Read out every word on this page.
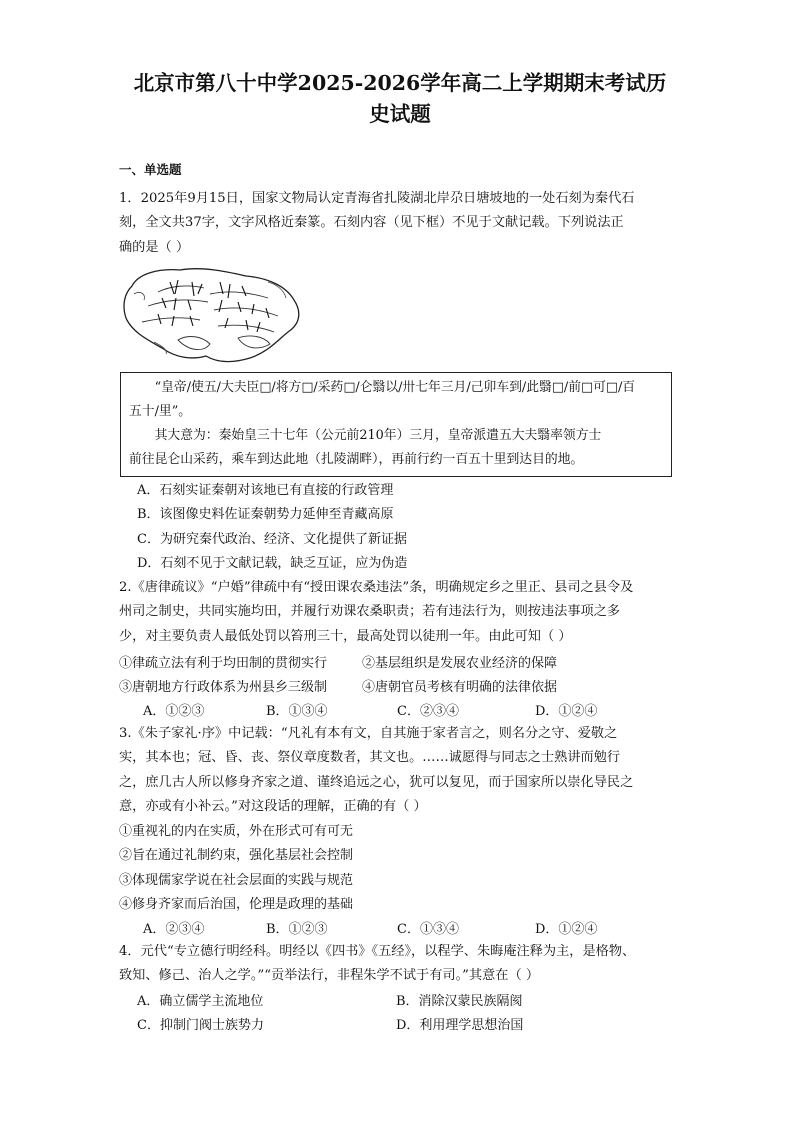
北京市第八十中学2025-2026学年高二上学期期末考试历
史试题
一、单选题
1．2025年9月15日，国家文物局认定青海省扎陵湖北岸尕日塘坡地的一处石刻为秦代石
刻，全文共37字，文字风格近秦篆。石刻内容（见下框）不见于文献记载。下列说法正
确的是（ ）
“皇帝/使五/大夫臣□/将方□/采药□/仑翳以/卅七年三月/己卯车到/此翳□/前□可□/百
五十/里”。
其大意为：秦始皇三十七年（公元前210年）三月，皇帝派遣五大夫翳率领方士
前往昆仑山采药，乘车到达此地（扎陵湖畔），再前行约一百五十里到达目的地。
A．石刻实证秦朝对该地已有直接的行政管理
B．该图像史料佐证秦朝势力延伸至青藏高原
C．为研究秦代政治、经济、文化提供了新证据
D．石刻不见于文献记载，缺乏互证，应为伪造
2.《唐律疏议》“户婚”律疏中有“授田课农桑违法”条，明确规定乡之里正、县司之县令及
州司之制史，共同实施均田，并履行劝课农桑职责；若有违法行为，则按违法事项之多
少，对主要负责人最低处罚以笞刑三十，最高处罚以徒刑一年。由此可知（ ）
①律疏立法有利于均田制的贯彻实行	②基层组织是发展农业经济的保障
③唐朝地方行政体系为州县乡三级制	④唐朝官员考核有明确的法律依据
A．①②③	B．①③④	C．②③④	D．①②④
3.《朱子家礼·序》中记载：“凡礼有本有文，自其施于家者言之，则名分之守、爱敬之
实，其本也；冠、昏、丧、祭仪章度数者，其文也。……诚愿得与同志之士熟讲而勉行
之，庶几古人所以修身齐家之道、谨终追远之心，犹可以复见，而于国家所以崇化导民之
意，亦或有小补云。”对这段话的理解，正确的有（ ）
①重视礼的内在实质，外在形式可有可无
②旨在通过礼制约束，强化基层社会控制
③体现儒家学说在社会层面的实践与规范
④修身齐家而后治国，伦理是政理的基础
A．②③④	B．①②③	C．①③④	D．①②④
4．元代“专立德行明经科。明经以《四书》《五经》，以程学、朱晦庵注释为主，是格物、
致知、修己、治人之学。”“贡举法行，非程朱学不试于有司。”其意在（ ）
A．确立儒学主流地位	B．消除汉蒙民族隔阂
C．抑制门阀士族势力	D．利用理学思想治国
